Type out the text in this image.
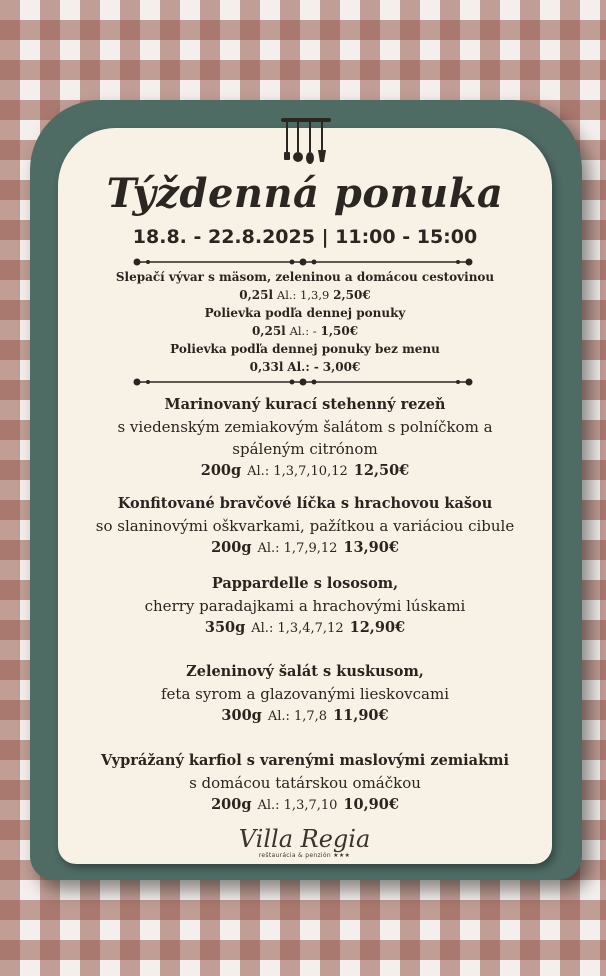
Týždenná ponuka
18.8. - 22.8.2025 | 11:00 - 15:00
Slepačí vývar s mäsom, zeleninou a domácou cestovinou
0,25l Al.: 1,3,9 2,50€
Polievka podľa dennej ponuky
0,25l Al.: - 1,50€
Polievka podľa dennej ponuky bez menu
0,33l Al.: - 3,00€
Marinovaný kurací stehenný rezeň
s viedenským zemiakovým šalátom s polníčkom a
spáleným citrónom
200g Al.: 1,3,7,10,12 12,50€
Konfitované bravčové líčka s hrachovou kašou
so slaninovými oškvarkami, pažítkou a variáciou cibule
200g Al.: 1,7,9,12 13,90€
Pappardelle s lososom,
cherry paradajkami a hrachovými lúskami
350g Al.: 1,3,4,7,12 12,90€
Zeleninový šalát s kuskusom,
feta syrom a glazovanými lieskovcami
300g Al.: 1,7,8 11,90€
Vyprážaný karfiol s varenými maslovými zemiakmi
s domácou tatárskou omáčkou
200g Al.: 1,3,7,10 10,90€
Villa Regia
reštaurácia & penzión ★★★
